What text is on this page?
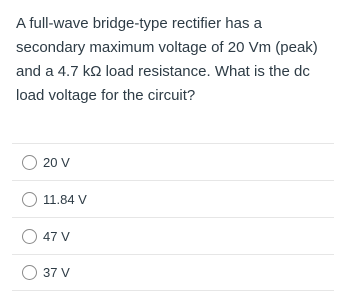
A full-wave bridge-type rectifier has a secondary maximum voltage of 20 Vm (peak) and a 4.7 kΩ load resistance. What is the dc load voltage for the circuit?

20 V
11.84 V
47 V
37 V
